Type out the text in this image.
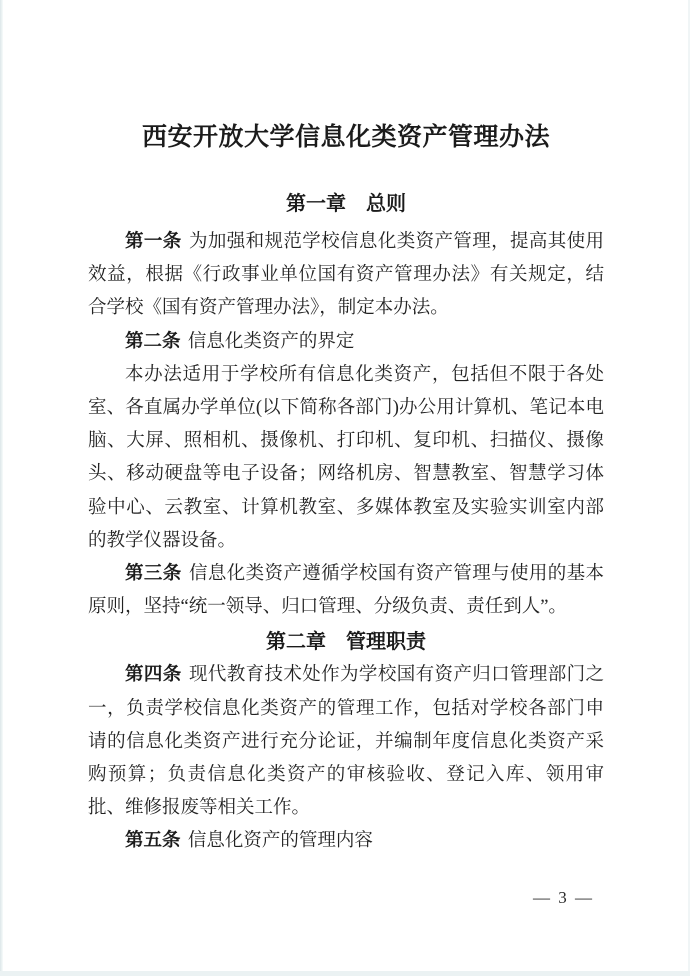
西安开放大学信息化类资产管理办法
第一章　总则

第一条 为加强和规范学校信息化类资产管理，提高其使用效益，根据《行政事业单位国有资产管理办法》有关规定，结合学校《国有资产管理办法》，制定本办法。

第二条 信息化类资产的界定

本办法适用于学校所有信息化类资产，包括但不限于各处室、各直属办学单位(以下简称各部门)办公用计算机、笔记本电脑、大屏、照相机、摄像机、打印机、复印机、扫描仪、摄像头、移动硬盘等电子设备；网络机房、智慧教室、智慧学习体验中心、云教室、计算机教室、多媒体教室及实验实训室内部的教学仪器设备。

第三条 信息化类资产遵循学校国有资产管理与使用的基本原则，坚持“统一领导、归口管理、分级负责、责任到人”。

第二章　管理职责

第四条 现代教育技术处作为学校国有资产归口管理部门之一，负责学校信息化类资产的管理工作，包括对学校各部门申请的信息化类资产进行充分论证，并编制年度信息化类资产采购预算；负责信息化类资产的审核验收、登记入库、领用审批、维修报废等相关工作。

第五条 信息化资产的管理内容

— 3 —
